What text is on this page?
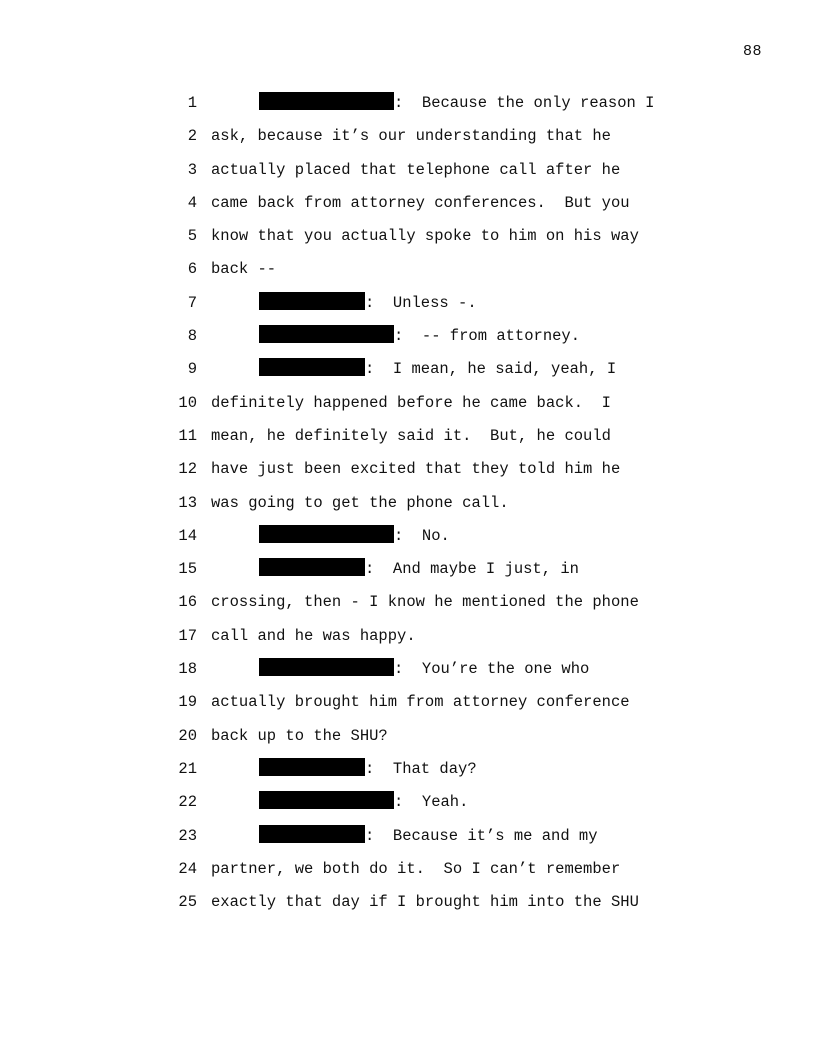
88
1	:  Because the only reason I
2 ask, because it’s our understanding that he
3 actually placed that telephone call after he
4 came back from attorney conferences.  But you
5 know that you actually spoke to him on his way
6 back --
7	:  Unless -.
8	:  -- from attorney.
9	:  I mean, he said, yeah, I
10 definitely happened before he came back.  I
11 mean, he definitely said it.  But, he could
12 have just been excited that they told him he
13 was going to get the phone call.
14	:  No.
15	:  And maybe I just, in
16 crossing, then - I know he mentioned the phone
17 call and he was happy.
18	:  You’re the one who
19 actually brought him from attorney conference
20 back up to the SHU?
21	:  That day?
22	:  Yeah.
23	:  Because it’s me and my
24 partner, we both do it.  So I can’t remember
25 exactly that day if I brought him into the SHU
